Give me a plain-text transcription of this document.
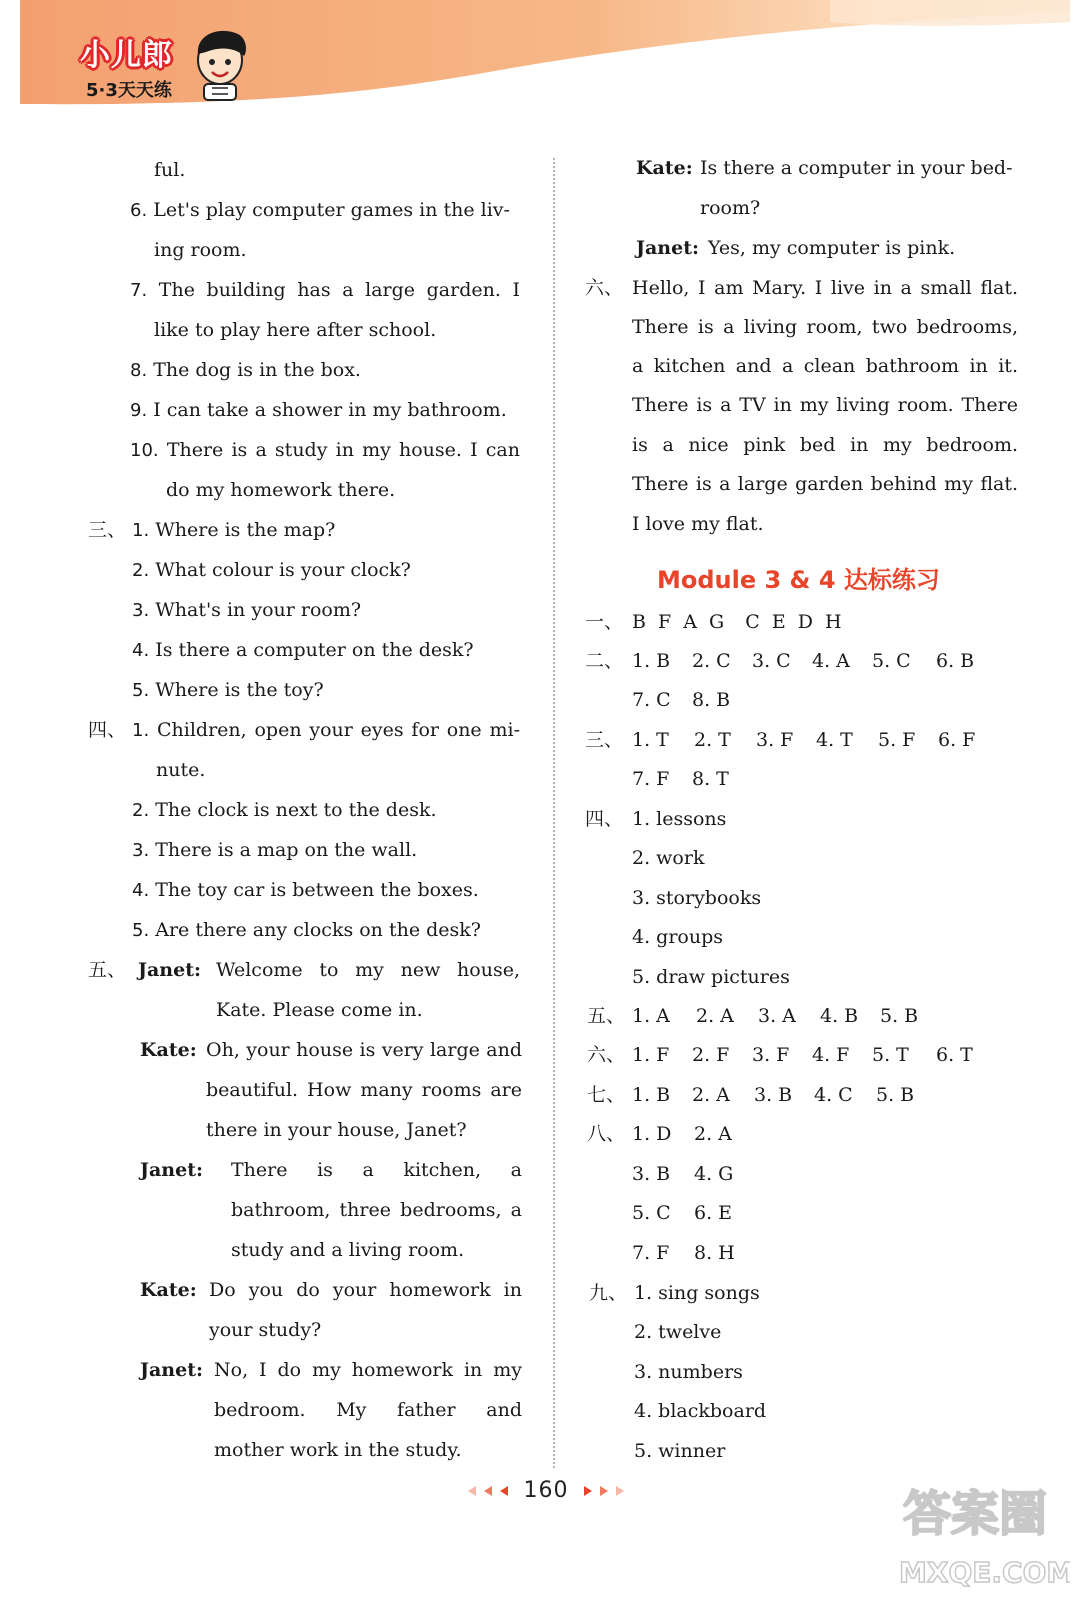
小儿郎
5·3天天练
ful.
6. Let's play computer games in the liv-
ing room.
7. The building has a large garden. I
like to play here after school.
8. The dog is in the box.
9. I can take a shower in my bathroom.
10. There is a study in my house. I can
do my homework there.
三、 1. Where is the map?
2. What colour is your clock?
3. What's in your room?
4. Is there a computer on the desk?
5. Where is the toy?
四、 1. Children, open your eyes for one mi-
nute.
2. The clock is next to the desk.
3. There is a map on the wall.
4. The toy car is between the boxes.
5. Are there any clocks on the desk?
五、 Janet: Welcome to my new house,
Kate. Please come in.
Kate: Oh, your house is very large and
beautiful. How many rooms are
there in your house, Janet?
Janet: There is a kitchen, a
bathroom, three bedrooms, a
study and a living room.
Kate: Do you do your homework in
your study?
Janet: No, I do my homework in my
bedroom. My father and
mother work in the study.
Kate: Is there a computer in your bed-
room?
Janet: Yes, my computer is pink.
六、 Hello, I am Mary. I live in a small flat.
There is a living room, two bedrooms,
a kitchen and a clean bathroom in it.
There is a TV in my living room. There
is a nice pink bed in my bedroom.
There is a large garden behind my flat.
I love my flat.
Module 3 & 4 达标练习
一、 B F A G  C E D H
二、 1. B 2. C 3. C 4. A 5. C 6. B
7. C 8. B
三、 1. T 2. T 3. F 4. T 5. F 6. F
7. F 8. T
四、 1. lessons
2. work
3. storybooks
4. groups
5. draw pictures
五、 1. A 2. A 3. A 4. B 5. B
六、 1. F 2. F 3. F 4. F 5. T 6. T
七、 1. B 2. A 3. B 4. C 5. B
八、 1. D 2. A
3. B 4. G
5. C 6. E
7. F 8. H
九、 1. sing songs
2. twelve
3. numbers
4. blackboard
5. winner
160	答案圈
MXQE.COM
